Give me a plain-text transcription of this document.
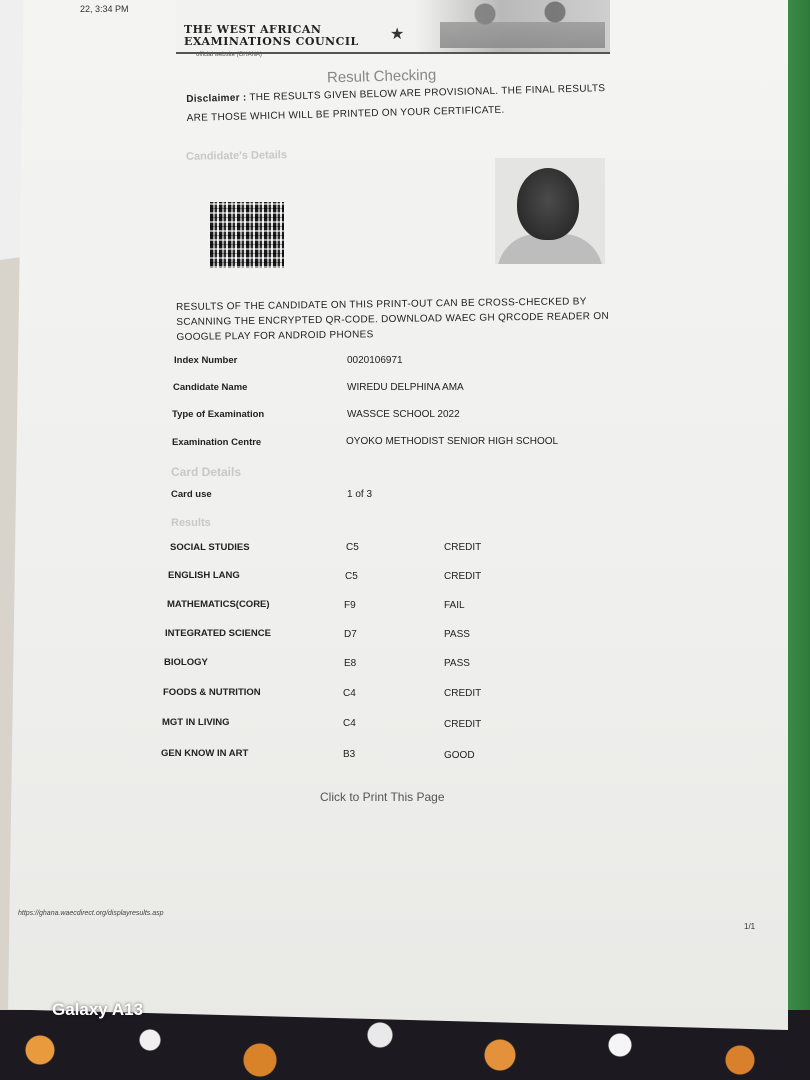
22, 3:34 PM
THE WEST AFRICAN
EXAMINATIONS COUNCIL
official website (GHANA)
★
Result Checking
Disclaimer : THE RESULTS GIVEN BELOW ARE PROVISIONAL. THE FINAL RESULTS ARE THOSE WHICH WILL BE PRINTED ON YOUR CERTIFICATE.
Candidate's Details
RESULTS OF THE CANDIDATE ON THIS PRINT-OUT CAN BE CROSS-CHECKED BY SCANNING THE ENCRYPTED QR-CODE. DOWNLOAD WAEC GH QRCODE READER ON GOOGLE PLAY FOR ANDROID PHONES
Index Number	0020106971
Candidate Name	WIREDU DELPHINA AMA
Type of Examination	WASSCE SCHOOL 2022
Examination Centre	OYOKO METHODIST SENIOR HIGH SCHOOL
Card Details
Card use	1 of 3
Results
SOCIAL STUDIES	C5	CREDIT
ENGLISH LANG	C5	CREDIT
MATHEMATICS(CORE)	F9	FAIL
INTEGRATED SCIENCE	D7	PASS
BIOLOGY	E8	PASS
FOODS & NUTRITION	C4	CREDIT
MGT IN LIVING	C4	CREDIT
GEN KNOW IN ART	B3	GOOD
Click to Print This Page
https://ghana.waecdirect.org/displayresults.asp
1/1
Galaxy A13
